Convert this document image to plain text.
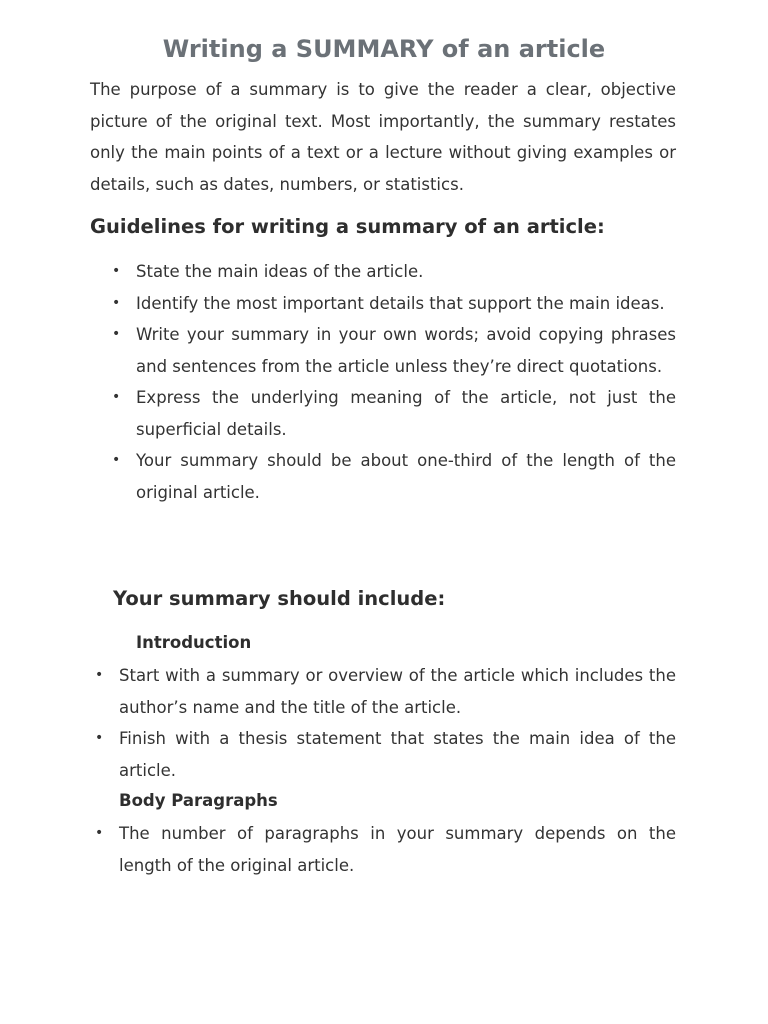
Writing a SUMMARY of an article

The purpose of a summary is to give the reader a clear, objective picture of the original text. Most importantly, the summary restates only the main points of a text or a lecture without giving examples or details, such as dates, numbers, or statistics.

Guidelines for writing a summary of an article:
• State the main ideas of the article.
• Identify the most important details that support the main ideas.
• Write your summary in your own words; avoid copying phrases and sentences from the article unless they’re direct quotations.
• Express the underlying meaning of the article, not just the superficial details.
• Your summary should be about one-third of the length of the original article.
Your summary should include:
Introduction
• Start with a summary or overview of the article which includes the author’s name and the title of the article.
• Finish with a thesis statement that states the main idea of the article.
Body Paragraphs
• The number of paragraphs in your summary depends on the length of the original article.
